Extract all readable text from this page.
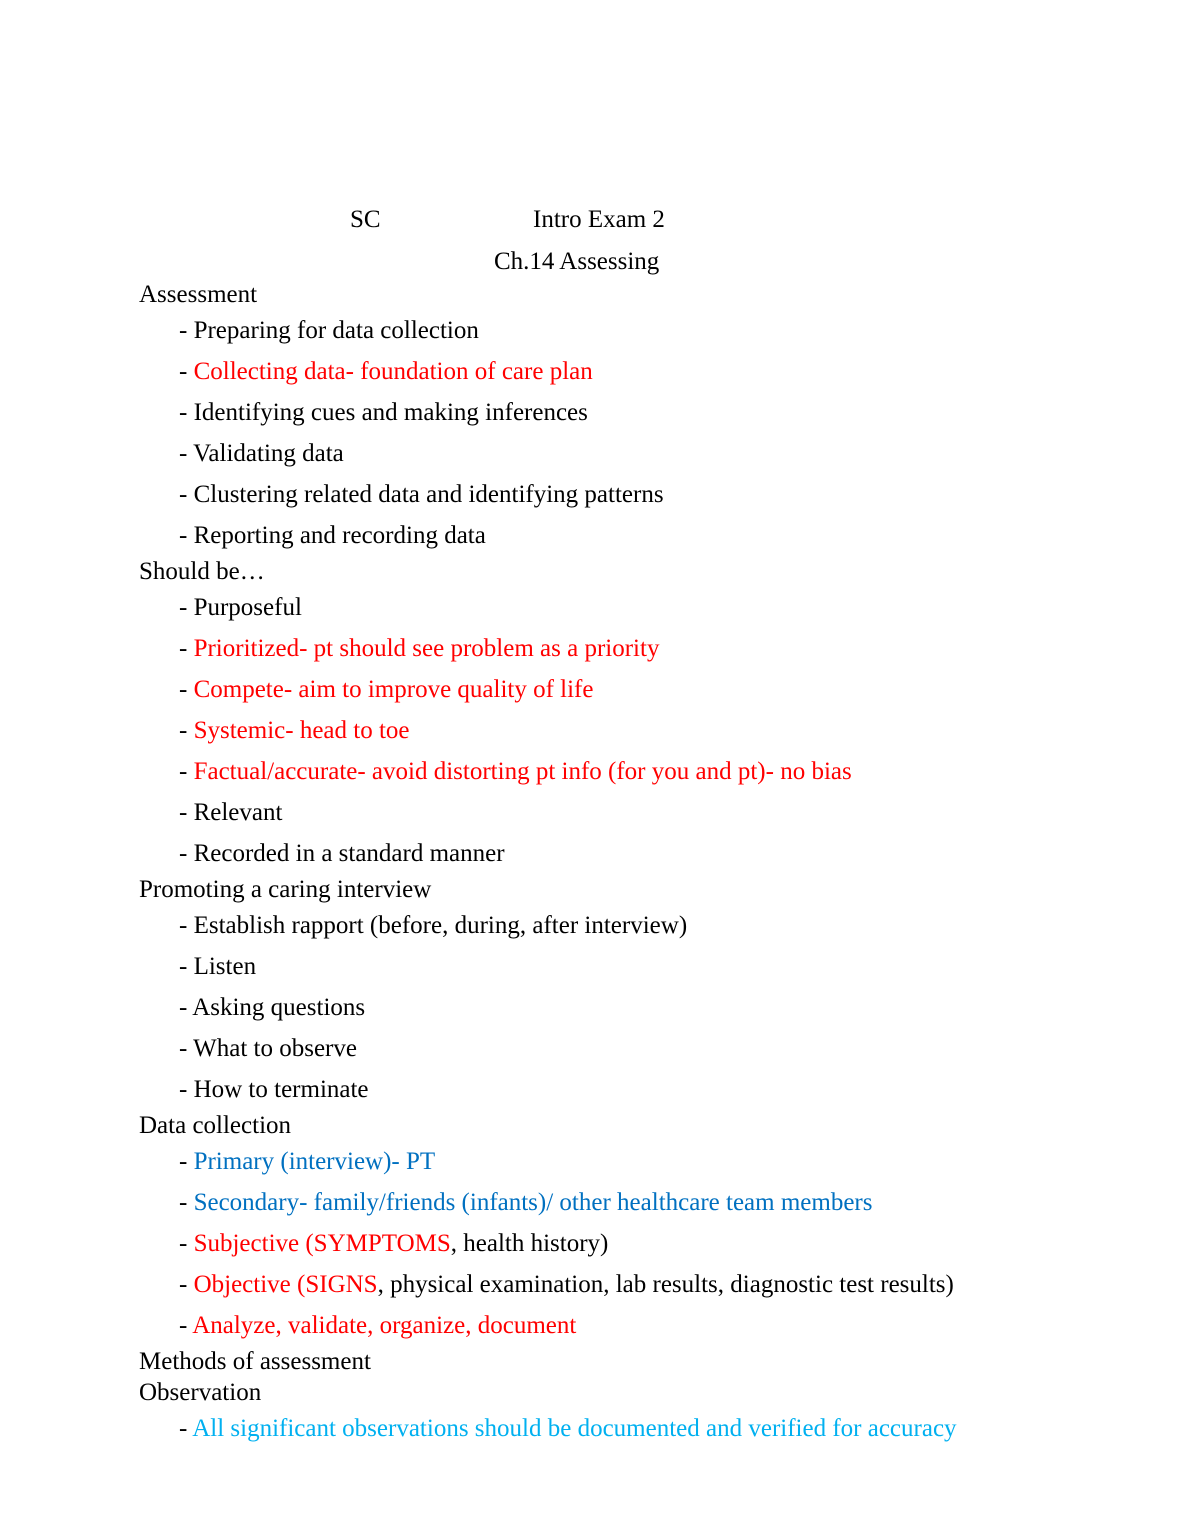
SC	Intro Exam 2
Ch.14 Assessing
Assessment
- Preparing for data collection
- Collecting data- foundation of care plan
- Identifying cues and making inferences
- Validating data
- Clustering related data and identifying patterns
- Reporting and recording data
Should be…
- Purposeful
- Prioritized- pt should see problem as a priority
- Compete- aim to improve quality of life
- Systemic- head to toe
- Factual/accurate- avoid distorting pt info (for you and pt)- no bias
- Relevant
- Recorded in a standard manner
Promoting a caring interview
- Establish rapport (before, during, after interview)
- Listen
- Asking questions
- What to observe
- How to terminate
Data collection
- Primary (interview)- PT
- Secondary- family/friends (infants)/ other healthcare team members
- Subjective (SYMPTOMS, health history)
- Objective (SIGNS, physical examination, lab results, diagnostic test results)
- Analyze, validate, organize, document
Methods of assessment
Observation
- All significant observations should be documented and verified for accuracy
